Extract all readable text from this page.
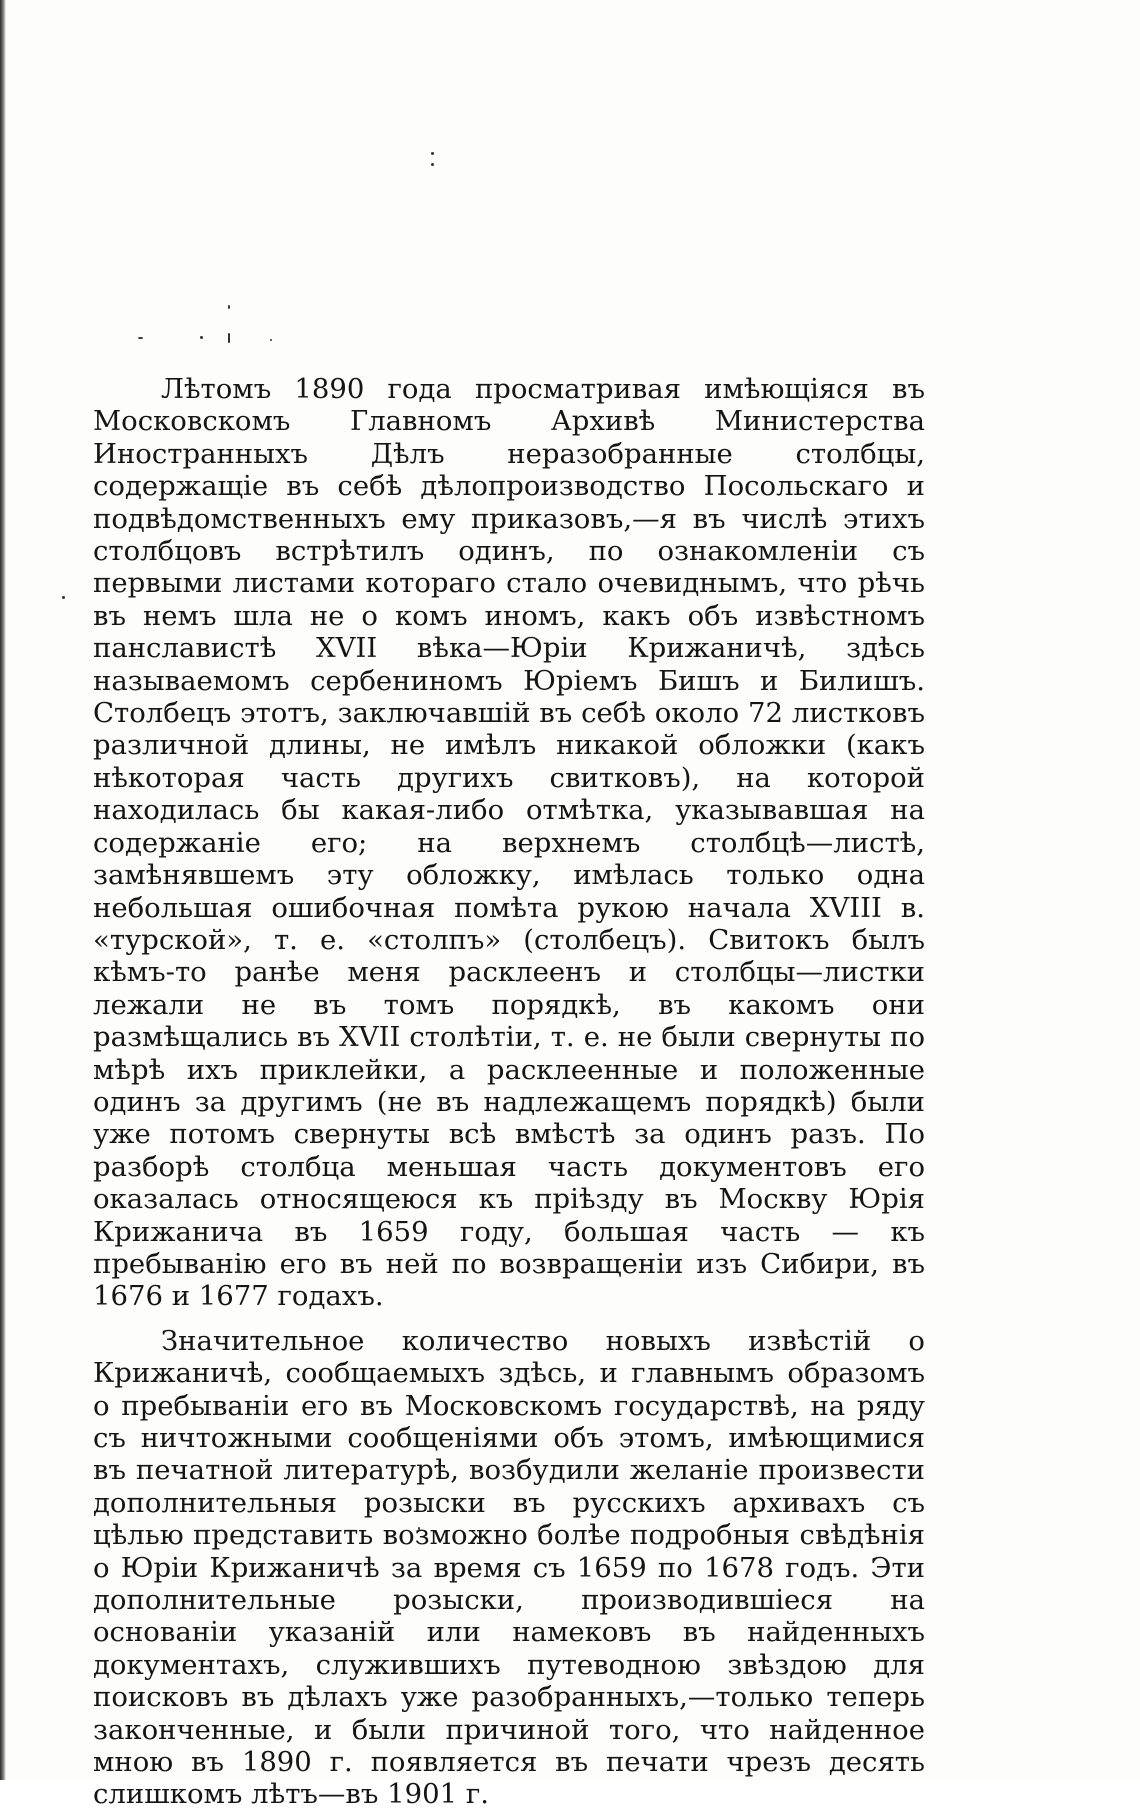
Лѣтомъ 1890 года просматривая имѣющіяся въ Московскомъ Главномъ Архивѣ Министерства Иностранныхъ Дѣлъ неразобранные столбцы, содержащіе въ себѣ дѣлопроизводство Посольскаго и подвѣдомственныхъ ему приказовъ,—я въ числѣ этихъ столбцовъ встрѣтилъ одинъ, по ознакомленіи съ первыми листами котораго стало очевиднымъ, что рѣчь въ немъ шла не о комъ иномъ, какъ объ извѣстномъ панславистѣ XVII вѣка—Юріи Крижаничѣ, здѣсь называемомъ сербениномъ Юріемъ Бишъ и Билишъ. Столбецъ этотъ, заключавшій въ себѣ около 72 листковъ различной длины, не имѣлъ никакой обложки (какъ нѣкоторая часть другихъ свитковъ), на которой находилась бы какая-либо отмѣтка, указывавшая на содержаніе его; на верхнемъ столбцѣ—листѣ, замѣнявшемъ эту обложку, имѣлась только одна небольшая ошибочная помѣта рукою начала XVIII в. «турской», т. е. «столпъ» (столбецъ). Свитокъ былъ кѣмъ-то ранѣе меня расклеенъ и столбцы—листки лежали не въ томъ порядкѣ, въ какомъ они размѣщались въ XVII столѣтіи, т. е. не были свернуты по мѣрѣ ихъ приклейки, а расклеенные и положенные одинъ за другимъ (не въ надлежащемъ порядкѣ) были уже потомъ свернуты всѣ вмѣстѣ за одинъ разъ. По разборѣ столбца меньшая часть документовъ его оказалась относящеюся къ пріѣзду въ Москву Юрія Крижанича въ 1659 году, большая часть — къ пребыванію его въ ней по возвращеніи изъ Сибири, въ 1676 и 1677 годахъ.

Значительное количество новыхъ извѣстій о Крижаничѣ, сообщаемыхъ здѣсь, и главнымъ образомъ о пребываніи его въ Московскомъ государствѣ, на ряду съ ничтожными сообщеніями объ этомъ, имѣющимися въ печатной литературѣ, возбудили желаніе произвести дополнительныя розыски въ русскихъ архивахъ съ цѣлью представить возможно болѣе подробныя свѣдѣнія о Юріи Крижаничѣ за время съ 1659 по 1678 годъ. Эти дополнительные розыски, производившіеся на основаніи указаній или намековъ въ найденныхъ документахъ, служившихъ путеводною звѣздою для поисковъ въ дѣлахъ уже разобранныхъ,—только теперь законченные, и были причиной того, что найденное мною въ 1890 г. появляется въ печати чрезъ десять слишкомъ лѣтъ—въ 1901 г.
